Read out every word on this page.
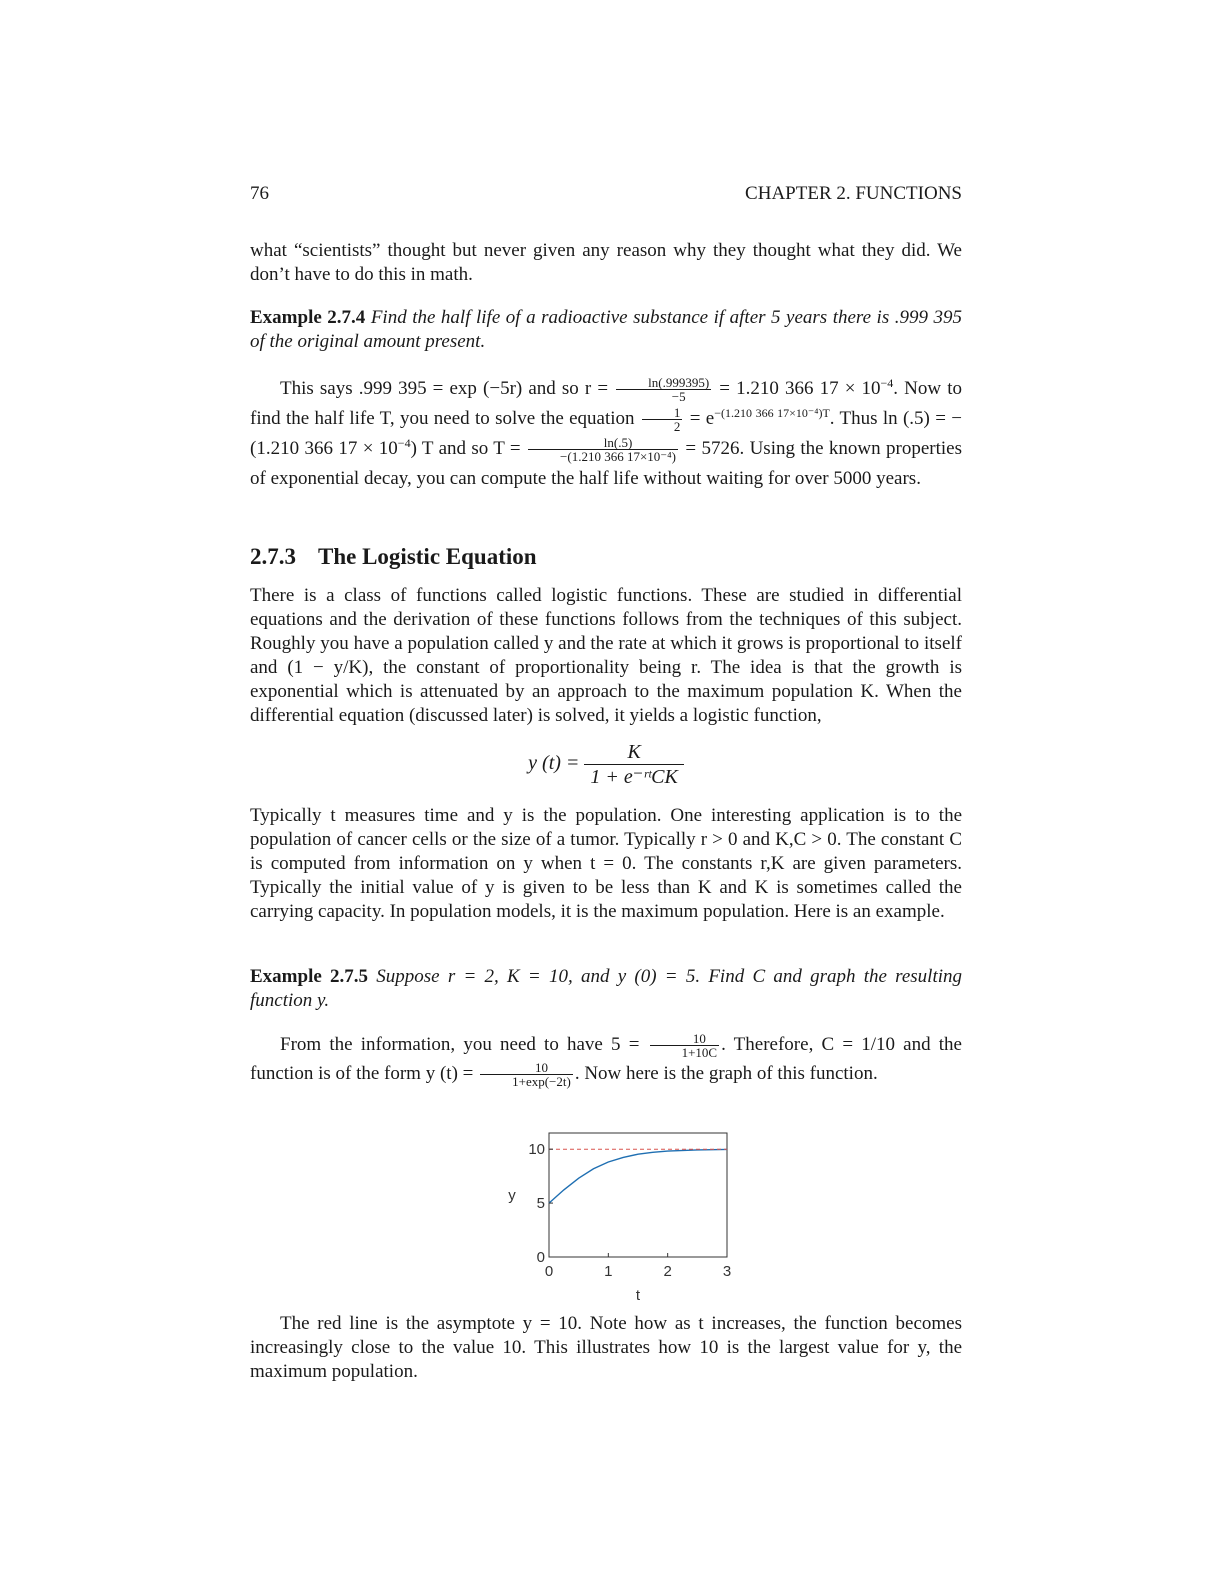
76	CHAPTER 2. FUNCTIONS
what “scientists” thought but never given any reason why they thought what they did. We don’t have to do this in math.
Example 2.7.4 Find the half life of a radioactive substance if after 5 years there is .999 395 of the original amount present.
This says .999 395 = exp (−5r) and so $r = \frac{\ln(.999395)}{-5} = 1.210$ 366 $17 \times 10^{-4}$. Now to find the half life T, you need to solve the equation $\frac{1}{2} = e^{-(1.210 366 17\times 10^{-4})T}$. Thus ln (.5) = − (1.210 366 $17 \times 10^{-4}$) T and so $T = \frac{\ln(.5)}{\text{−(1.210 366 17×10⁻⁴)}} = 5726$. Using the known properties of exponential decay, you can compute the half life without waiting for over 5000 years.
2.7.3 The Logistic Equation
There is a class of functions called logistic functions. These are studied in differential equations and the derivation of these functions follows from the techniques of this subject. Roughly you have a population called y and the rate at which it grows is proportional to itself and (1 − y/K), the constant of proportionality being r. The idea is that the growth is exponential which is attenuated by an approach to the maximum population K. When the differential equation (discussed later) is solved, it yields a logistic function,
y $(t) = \frac{K}{\text{1 + e⁻ʳᵗCK}}$
Typically t measures time and y is the population. One interesting application is to the population of cancer cells or the size of a tumor. Typically r > 0 and K,C > 0. The constant C is computed from information on y when t = 0. The constants r,K are given parameters. Typically the initial value of y is given to be less than K and K is sometimes called the carrying capacity. In population models, it is the maximum population. Here is an example.
Example 2.7.5 Suppose r = 2, K = 10, and y (0) = 5. Find C and graph the resulting function y.
From the information, you need to have $5 = \frac{10}{1+10C}$ . Therefore, C = 1/10 and the function is of the form y $(t) = \frac{10}{1+\exp(-2t)}$ . Now here is the graph of this function.
0	1	2	3
0
5
10
t
y
The red line is the asymptote y = 10. Note how as t increases, the function becomes increasingly close to the value 10. This illustrates how 10 is the largest value for y, the maximum population.
